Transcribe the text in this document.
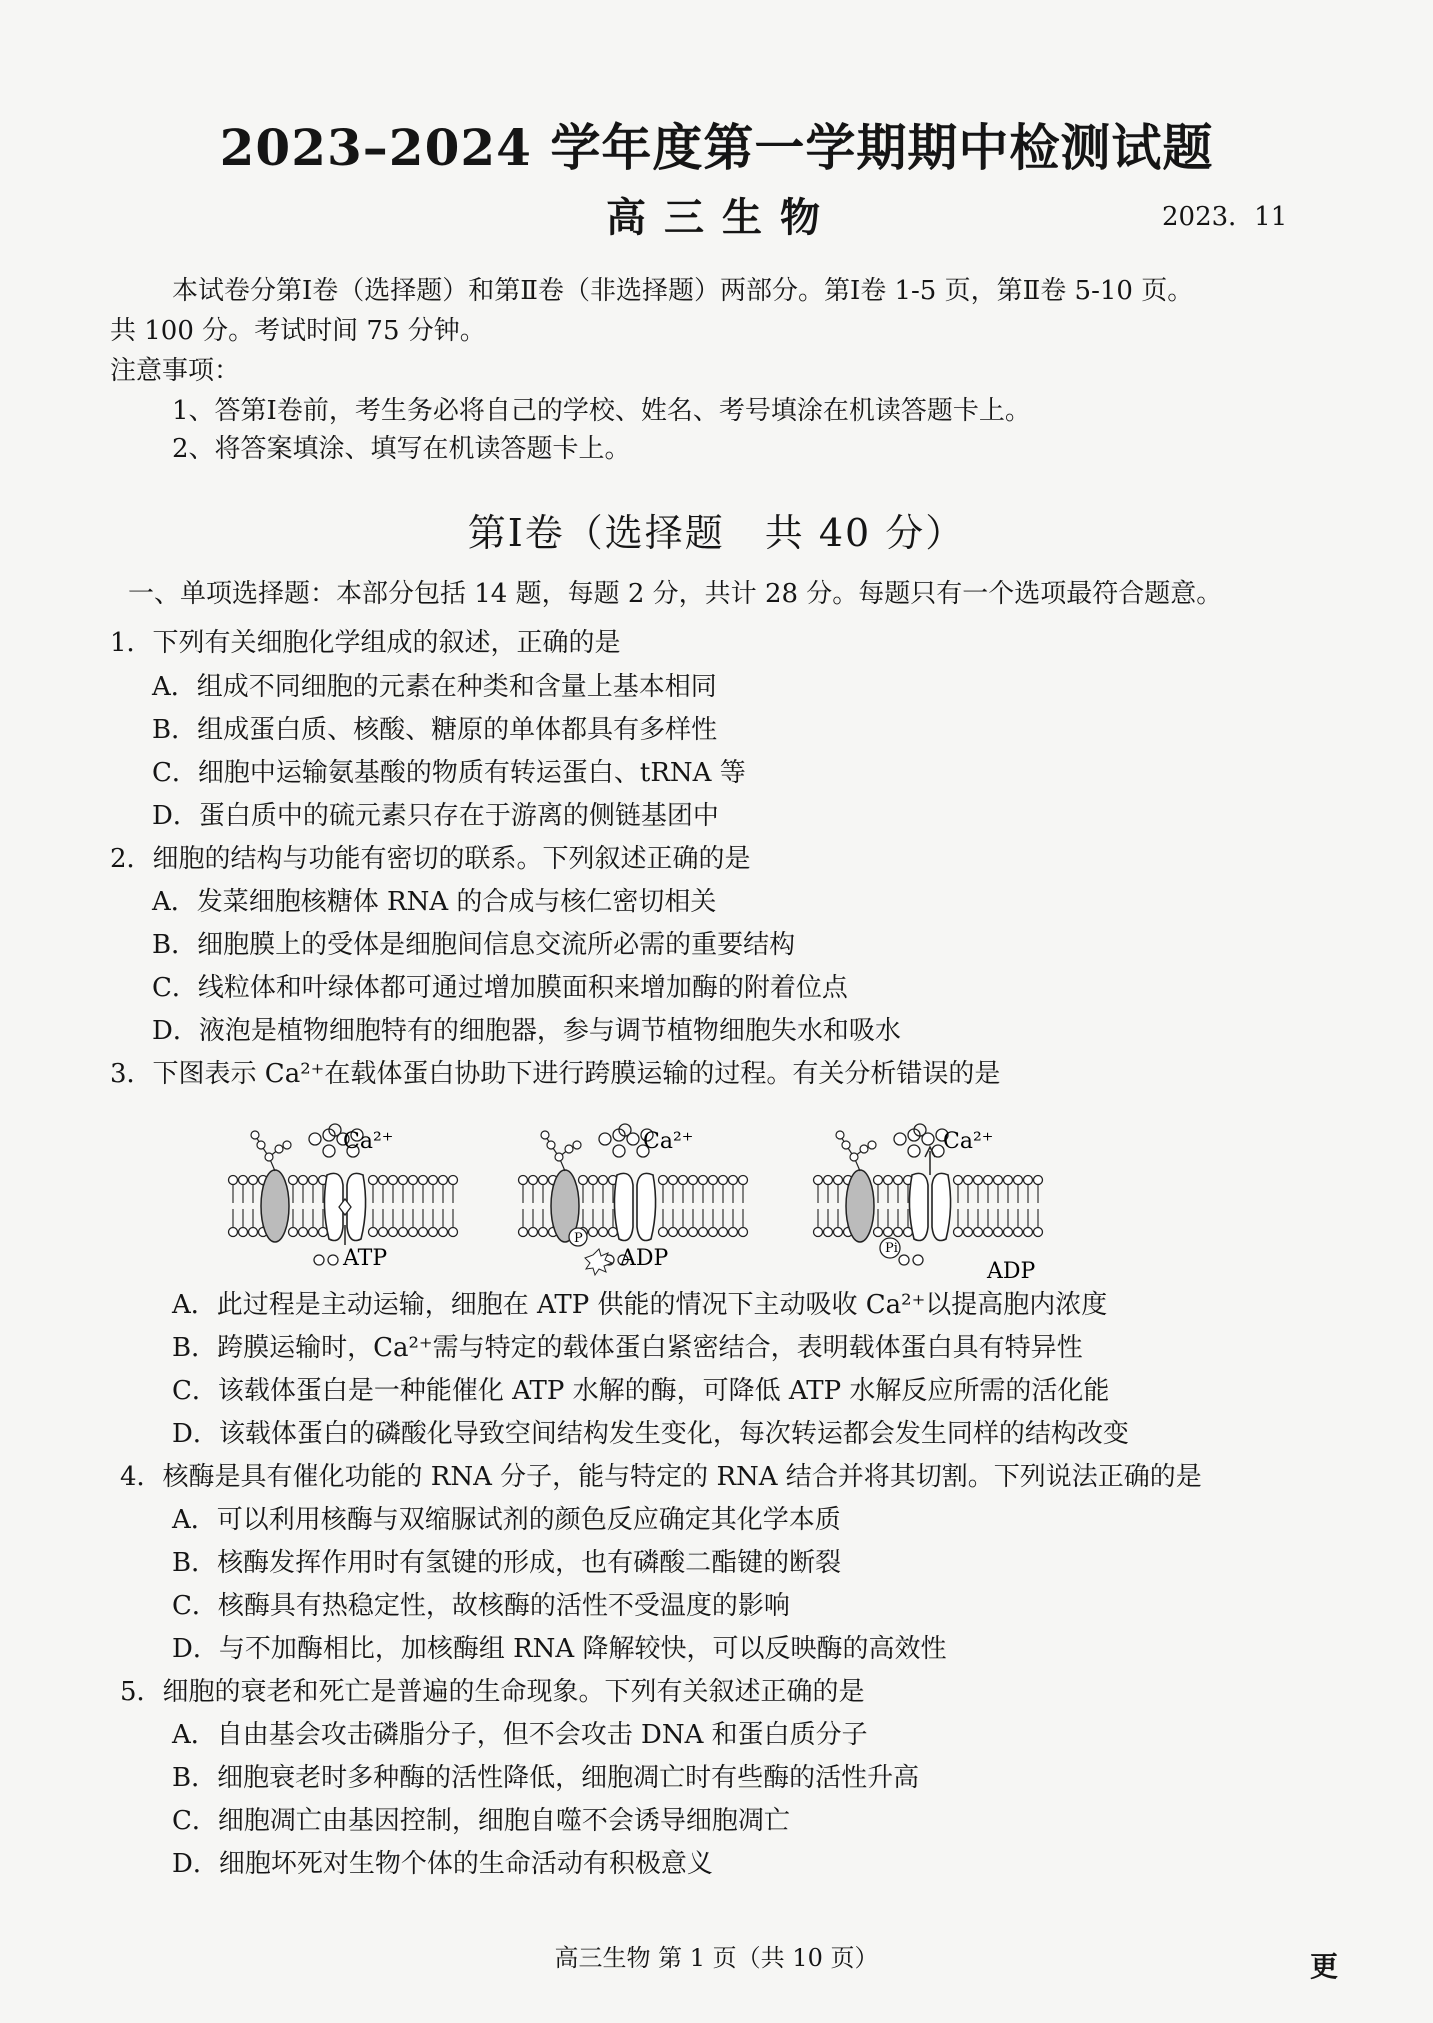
2023–2024 学年度第一学期期中检测试题
高三生物	2023．11
本试卷分第Ⅰ卷（选择题）和第Ⅱ卷（非选择题）两部分。第Ⅰ卷 1-5 页，第Ⅱ卷 5-10 页。
共 100 分。考试时间 75 分钟。
注意事项：
1、答第Ⅰ卷前，考生务必将自己的学校、姓名、考号填涂在机读答题卡上。
2、将答案填涂、填写在机读答题卡上。
第Ⅰ卷（选择题　共 40 分）
一、单项选择题：本部分包括 14 题，每题 2 分，共计 28 分。每题只有一个选项最符合题意。
1．下列有关细胞化学组成的叙述，正确的是
A．组成不同细胞的元素在种类和含量上基本相同
B．组成蛋白质、核酸、糖原的单体都具有多样性
C．细胞中运输氨基酸的物质有转运蛋白、tRNA 等
D．蛋白质中的硫元素只存在于游离的侧链基团中
2．细胞的结构与功能有密切的联系。下列叙述正确的是
A．发菜细胞核糖体 RNA 的合成与核仁密切相关
B．细胞膜上的受体是细胞间信息交流所必需的重要结构
C．线粒体和叶绿体都可通过增加膜面积来增加酶的附着位点
D．液泡是植物细胞特有的细胞器，参与调节植物细胞失水和吸水
3．下图表示 Ca²⁺在载体蛋白协助下进行跨膜运输的过程。有关分析错误的是
Ca²⁺
ATP
Ca²⁺
ADP
Ca²⁺
ADP
P
Pi
A．此过程是主动运输，细胞在 ATP 供能的情况下主动吸收 Ca²⁺以提高胞内浓度
B．跨膜运输时，Ca²⁺需与特定的载体蛋白紧密结合，表明载体蛋白具有特异性
C．该载体蛋白是一种能催化 ATP 水解的酶，可降低 ATP 水解反应所需的活化能
D．该载体蛋白的磷酸化导致空间结构发生变化，每次转运都会发生同样的结构改变
4．核酶是具有催化功能的 RNA 分子，能与特定的 RNA 结合并将其切割。下列说法正确的是
A．可以利用核酶与双缩脲试剂的颜色反应确定其化学本质
B．核酶发挥作用时有氢键的形成，也有磷酸二酯键的断裂
C．核酶具有热稳定性，故核酶的活性不受温度的影响
D．与不加酶相比，加核酶组 RNA 降解较快，可以反映酶的高效性
5．细胞的衰老和死亡是普遍的生命现象。下列有关叙述正确的是
A．自由基会攻击磷脂分子，但不会攻击 DNA 和蛋白质分子
B．细胞衰老时多种酶的活性降低，细胞凋亡时有些酶的活性升高
C．细胞凋亡由基因控制，细胞自噬不会诱导细胞凋亡
D．细胞坏死对生物个体的生命活动有积极意义
高三生物 第 1 页（共 10 页）	更
